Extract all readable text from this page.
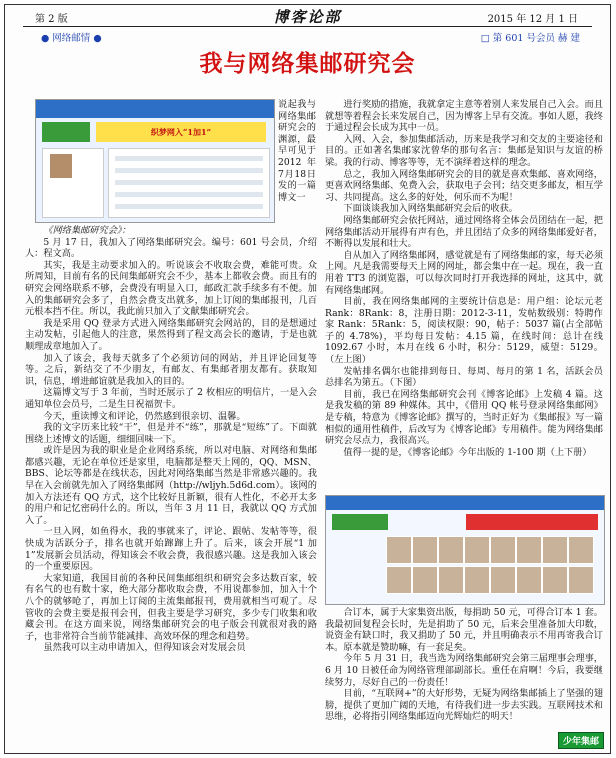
第 2 版	博客论部	2015 年 12 月 1 日
● 网络邮情 ●	□ 第 601 号会员 赫 建
我与网络集邮研究会
织梦网入“1加1”
说起我与网络集邮研究会的渊源，最早可见于 2012年7月18日发的一篇博文一

《网络集邮研究会》：

5 月 17 日，我加入了网络集邮研究会。编号：601 号会员，介绍人：程文高。

其实，我是主动要求加入的。听说该会不收取会费，难能可贵。众所周知，目前有名的民间集邮研究会不少，基本上都收会费。而且有的研究会网络联系不够，会费没有明显入口，邮政汇款手续多有不便。加入的集邮研究会多了，自然会费支出就多，加上订阅的集邮报刊，几百元根本挡不住。所以，我此前只加入了文献集邮研究会。

我是采用 QQ 登录方式进入网络集邮研究会网站的，目的是想通过主动发帖，引起他人的注意，果然得到了程文高会长的邀请，于是也就顺理成章地加入了。

加入了该会，我每天就多了个必须访问的网站，并且评论回复等等。之后，新结交了不少朋友，有邮友、有集邮者朋友都有。获取知识，信息，增进邮谊就是我加入的目的。

这篇博文写于 3 年前，当时还展示了 2 枚相应的明信片，一是入会通知单位会员号，二是生日祝福贺卡。

今天，重读博文和评论，仍然感到很亲切、温馨。

我的文字历来比较“干”，但是并不“练”，那就是“短练”了。下面就围绕上述博文的话题，细细回味一下。

或许是因为我的职业是企业网络系统，所以对电脑、对网络和集邮都感兴趣，无论在单位还是家里，电脑都是整天上网的，QQ、MSN、BBS、论坛等都是在线状态，因此对网络集邮当然是非常感兴趣的。我早在入会前就先加入了网络集邮网（http://wljyh.5d6d.com）。该网的加入方法还有 QQ 方式，这个比较好且新颖，很有人性化，不必开太多的用户和记忆密码什么的。所以，当年 3 月 11 日，我就以 QQ 方式加入了。

一旦入网，如鱼得水，我的事就来了，评论、跟帖、发帖等等，很快成为活跃分子，排名也就开始蹿蹿上升了。后来，该会开展“1 加 1”发展新会员活动，得知该会不收会费，我很感兴趣。这是我加入该会的一个重要原因。

大家知道，我国目前的各种民间集邮组织和研究会多达数百家，较有名气的也有数十家，绝大部分都收取会费，不用说都参加，加入十个八个的就够呛了，再加上订阅的主流集邮报刊，费用就相当可观了。尽管收的会费主要是报刊会刊，但我主要是学习研究，多少专门收集和收藏会刊。在这方面来说，网络集邮研究会的电子版会刊就很对我的路子，也非常符合当前节能减排、高效环保的理念和趋势。

虽然我可以主动申请加入，但得知该会对发展会员

进行奖励的措施，我就拿定主意等着别人来发展自己入会。而且就想等着程会长来发展自己，因为博客上早有交流。事如人愿，我终于通过程会长成为其中一员。

入网、入会，参加集邮活动，历来是我学习和交友的主要途径和目的。正如著名集邮家沈曾华的那句名言：集邮是知识与友谊的桥梁。我的行动、博客等等，无不演绎着这样的理念。

总之，我加入网络集邮研究会的目的就是喜欢集邮、喜欢网络，更喜欢网络集邮、免费入会，获取电子会刊；结交更多邮友，相互学习、共同提高。这么多的好处，何乐而不为呢！

下面谈谈我加入网络集邮研究会后的收获。

网络集邮研究会依托网站，通过网络将全体会员团结在一起，把网络集邮活动开展得有声有色，并且团结了众多的网络集邮爱好者，不断得以发展和壮大。

自从加入了网络集邮网，感觉就是有了网络集邮的家，每天必须上网。凡是我需要每天上网的网址，都会集中在一起。现在，我一直用着 TT3 的浏览器，可以每次同时打开我选择的网址，这其中，就有网络集邮网。

目前，我在网络集邮网的主要统计信息是：用户组：论坛元老 Rank：8Rank：8，注册日期：2012-3-11，发帖数级别：特聘作家 Rank：5Rank：5，阅读权限：90，帖子：5037 篇(占全部帖子的 4.78%)，平均每日发帖：4.15 篇，在线时间：总计在线 1092.67 小时，本月在线 6 小时，积分：5129，威望：5129。（左上图）

发帖排名偶尔也能排到每日、每周、每月的第 1 名，活跃会员总排名为第五。（下图）

目前，我已在网络集邮研究会刊《博客论邮》上发稿 4 篇。这是我发稿的第 89 种媒体。其中，《借用 QQ 帐号登录网络集邮网》是专稿，特意为《博客论邮》撰写的，当时正好为《集邮报》写一篇相似的通用性稿件，后改写为《博客论邮》专用稿件。能为网络集邮研究会尽点力，我很高兴。

值得一提的是，《博客论邮》今年出版的 1-100 期（上下册）

合订本，属于大家集资出版，每捐助 50 元，可得合订本 1 套。我最初回复程会长时，先是捐助了 50 元，后来会里准备加大印数，说资金有缺口时，我又捐助了 50 元，并且明确表示不用再寄我合订本。原本就是赞助嘛，有一套足矣。

今年 5 月 31 日，我当选为网络集邮研究会第三届理事会理事，6 月 10 日被任命为网络管理部副部长。重任在肩啊！今后，我要继续努力，尽好自己的一份责任！

目前，“互联网+”的大好形势，无疑为网络集邮插上了坚强的翅膀，提供了更加广阔的天地，有待我们进一步去实践。互联网技术和思维，必将指引网络集邮迈向光辉灿烂的明天！

少年集邮
